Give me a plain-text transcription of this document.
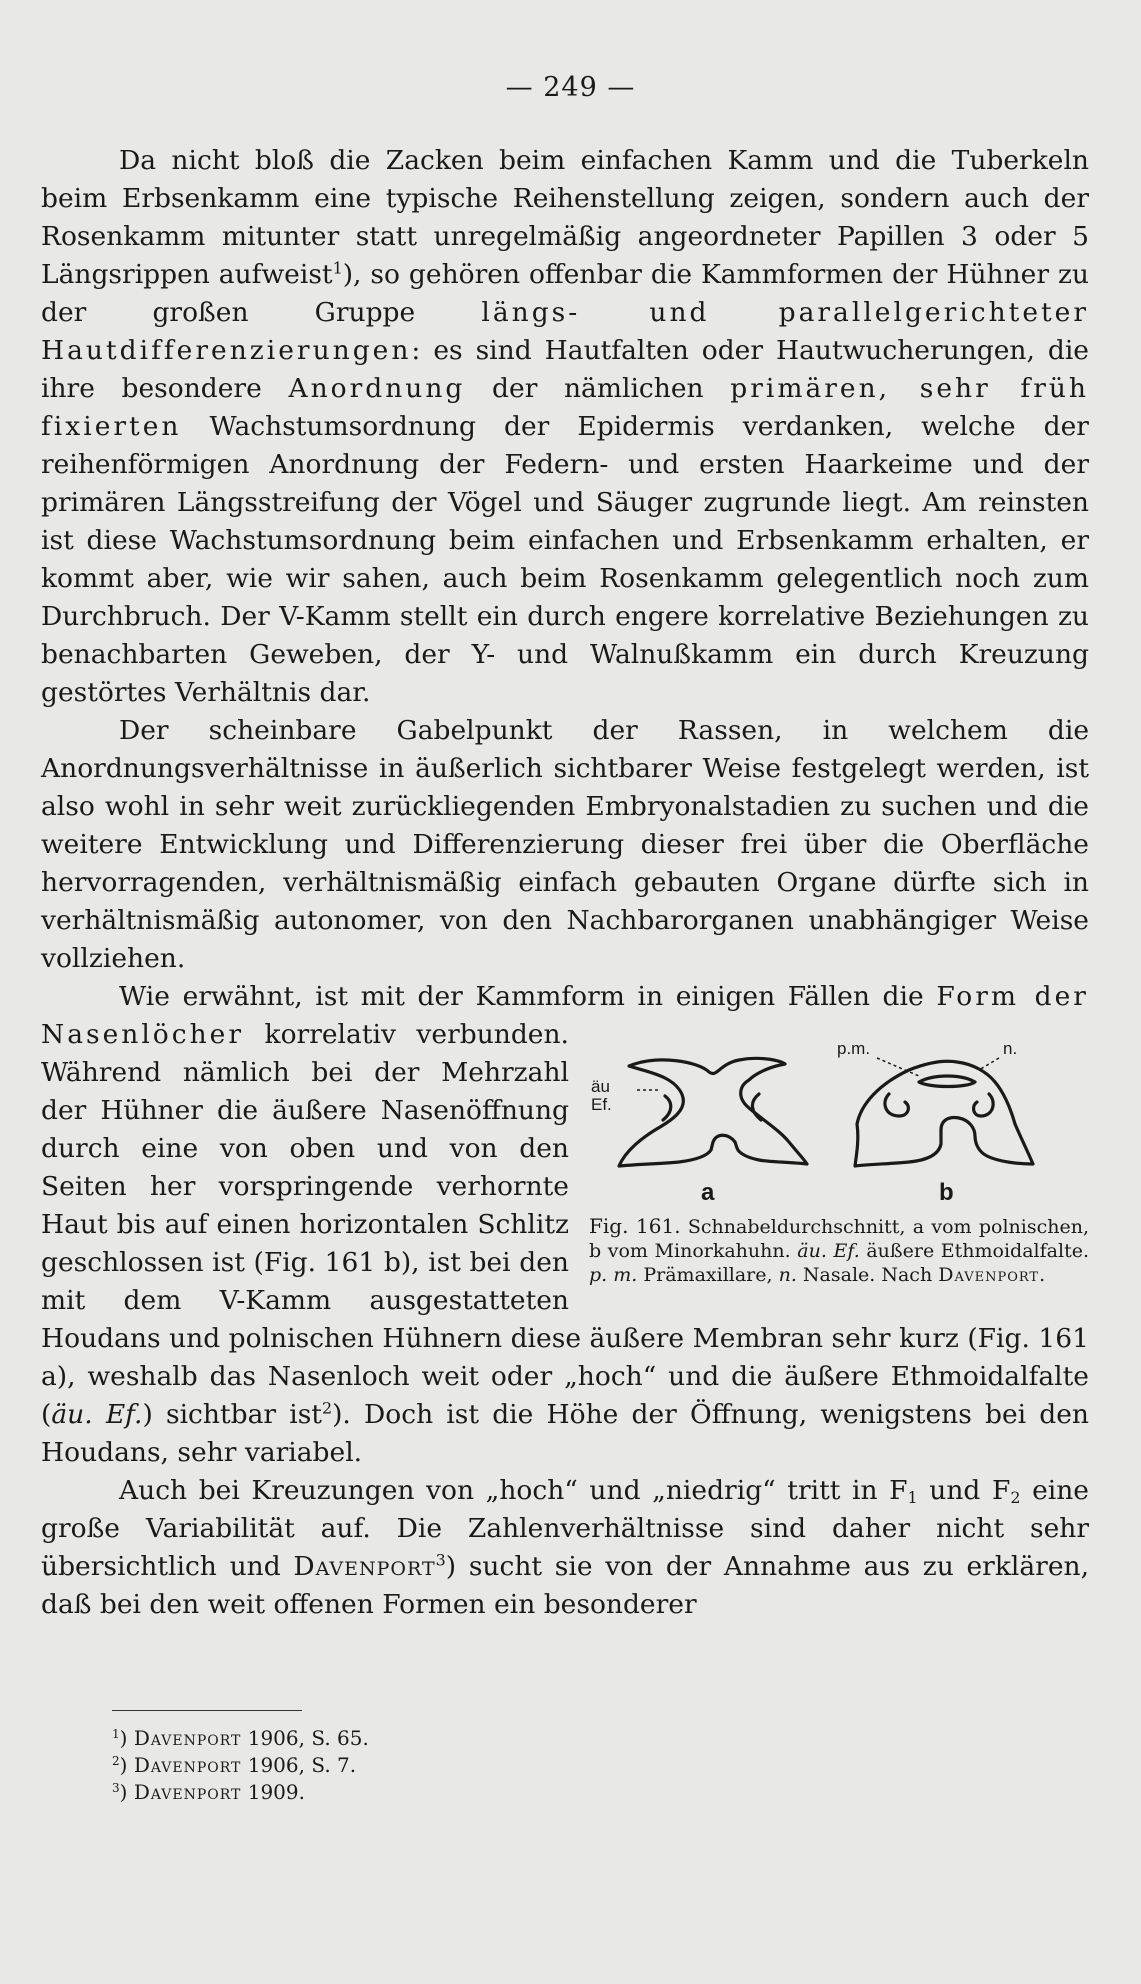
— 249 —

Da nicht bloß die Zacken beim einfachen Kamm und die Tuberkeln beim Erbsenkamm eine typische Reihenstellung zeigen, sondern auch der Rosenkamm mitunter statt unregelmäßig angeordneter Papillen 3 oder 5 Längsrippen aufweist$^1$), so gehören offenbar die Kammformen der Hühner zu der großen Gruppe längs- und parallelgerichteter Hautdifferenzierungen: es sind Hautfalten oder Hautwucherungen, die ihre besondere Anordnung der nämlichen primären, sehr früh fixierten Wachstumsordnung der Epidermis verdanken, welche der reihenförmigen Anordnung der Federn- und ersten Haarkeime und der primären Längsstreifung der Vögel und Säuger zugrunde liegt. Am reinsten ist diese Wachstumsordnung beim einfachen und Erbsenkamm erhalten, er kommt aber, wie wir sahen, auch beim Rosenkamm gelegentlich noch zum Durchbruch. Der V-Kamm stellt ein durch engere korrelative Beziehungen zu benachbarten Geweben, der Y- und Walnußkamm ein durch Kreuzung gestörtes Verhältnis dar.

Der scheinbare Gabelpunkt der Rassen, in welchem die Anordnungsverhältnisse in äußerlich sichtbarer Weise festgelegt werden, ist also wohl in sehr weit zurückliegenden Embryonalstadien zu suchen und die weitere Entwicklung und Differenzierung dieser frei über die Oberfläche hervorragenden, verhältnismäßig einfach gebauten Organe dürfte sich in verhältnismäßig autonomer, von den Nachbarorganen unabhängiger Weise vollziehen.

Wie erwähnt, ist mit der Kammform in einigen Fällen die Form der Nasenlöcher
äu
Ef.
p.m.	n.
a	b
Fig. 161. Schnabeldurchschnitt, a vom polnischen, b vom Minorkahuhn. äu. Ef. äußere Ethmoidalfalte. p. m. Prämaxillare, n. Nasale. Nach Davenport.
korrelativ verbunden. Während nämlich bei der Mehrzahl der Hühner die äußere Nasenöffnung durch eine von oben und von den Seiten her vorspringende verhornte Haut bis auf einen horizontalen Schlitz geschlossen ist (Fig. 161 b), ist bei den mit dem V-Kamm ausgestatteten Houdans und polnischen Hühnern diese äußere Membran sehr kurz (Fig. 161 a), weshalb das Nasenloch weit oder „hoch“ und die äußere Ethmoidalfalte (äu. Ef.) sichtbar ist$^2$). Doch ist die Höhe der Öffnung, wenigstens bei den Houdans, sehr variabel.

Auch bei Kreuzungen von „hoch“ und „niedrig“ tritt in $F_1$ und $F_2$ eine große Variabilität auf. Die Zahlenverhältnisse sind daher nicht sehr übersichtlich und Davenport$^3$) sucht sie von der Annahme aus zu erklären, daß bei den weit offenen Formen ein besonderer

$^1$) Davenport 1906, S. 65.
$^2$) Davenport 1906, S. 7.
$^3$) Davenport 1909.
